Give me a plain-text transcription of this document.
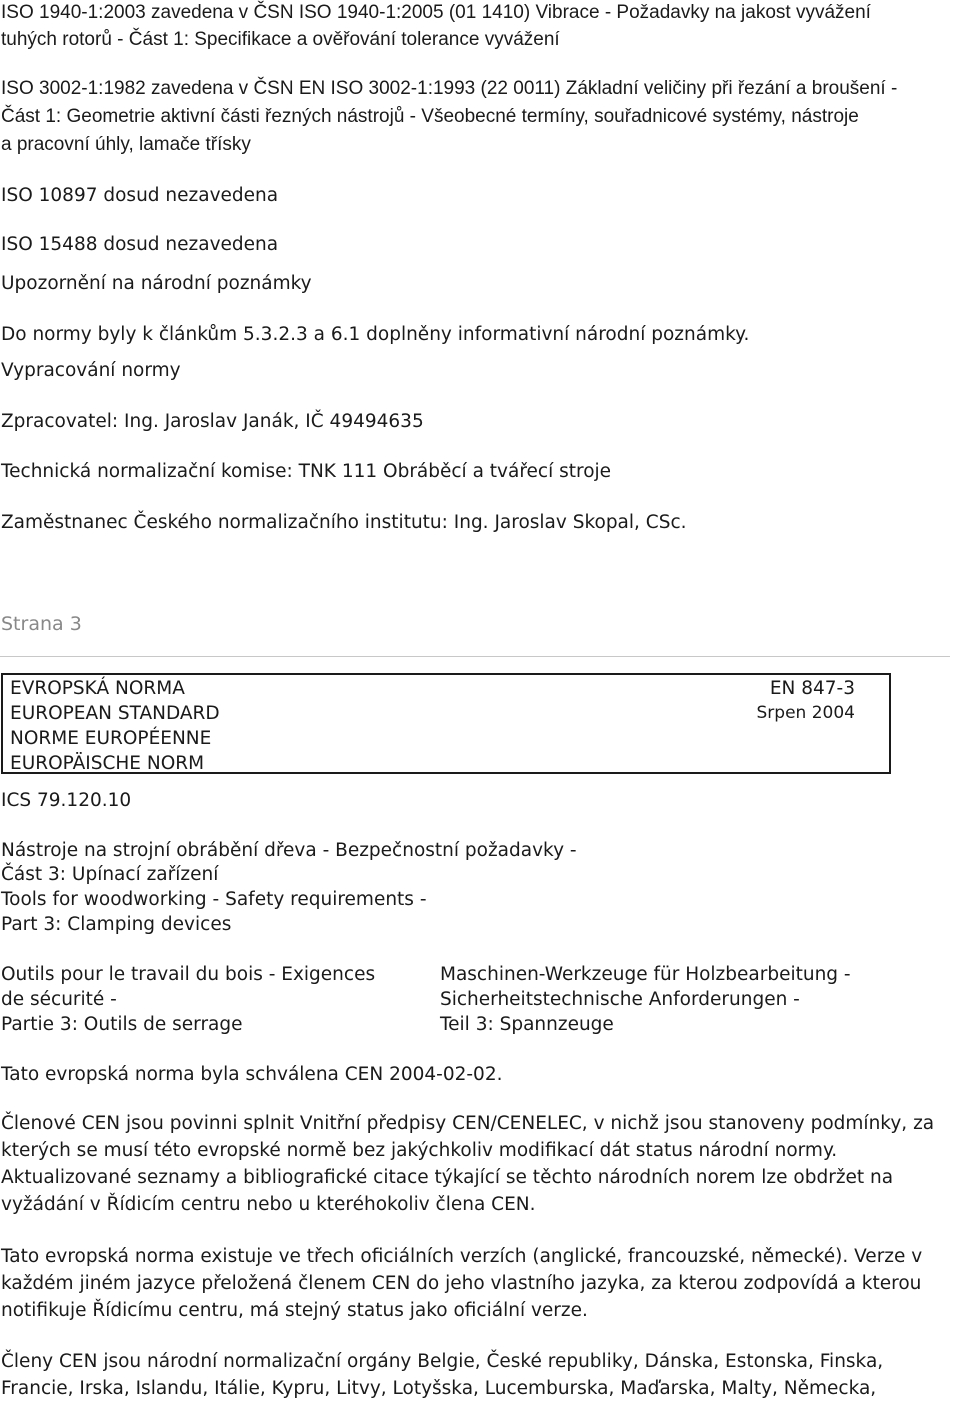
ISO 1940-1:2003 zavedena v ČSN ISO 1940-1:2005 (01 1410) Vibrace - Požadavky na jakost vyvážení
tuhých rotorů - Část 1: Specifikace a ověřování tolerance vyvážení
ISO 3002-1:1982 zavedena v ČSN EN ISO 3002-1:1993 (22 0011) Základní veličiny při řezání a broušení -
Část 1: Geometrie aktivní části řezných nástrojů - Všeobecné termíny, souřadnicové systémy, nástroje
a pracovní úhly, lamače třísky
ISO 10897 dosud nezavedena
ISO 15488 dosud nezavedena
Upozornění na národní poznámky
Do normy byly k článkům 5.3.2.3 a 6.1 doplněny informativní národní poznámky.
Vypracování normy
Zpracovatel: Ing. Jaroslav Janák, IČ 49494635
Technická normalizační komise: TNK 111 Obráběcí a tvářecí stroje
Zaměstnanec Českého normalizačního institutu: Ing. Jaroslav Skopal, CSc.
Strana 3
EVROPSKÁ NORMA
EUROPEAN STANDARD
NORME EUROPÉENNE
EUROPÄISCHE NORM
EN 847-3
Srpen 2004
ICS 79.120.10
Nástroje na strojní obrábění dřeva - Bezpečnostní požadavky -
Část 3: Upínací zařízení
Tools for woodworking - Safety requirements -
Part 3: Clamping devices
Outils pour le travail du bois - Exigences
de sécurité -
Partie 3: Outils de serrage
Maschinen-Werkzeuge für Holzbearbeitung -
Sicherheitstechnische Anforderungen -
Teil 3: Spannzeuge
Tato evropská norma byla schválena CEN 2004-02-02.
Členové CEN jsou povinni splnit Vnitřní předpisy CEN/CENELEC, v nichž jsou stanoveny podmínky, za
kterých se musí této evropské normě bez jakýchkoliv modifikací dát status národní normy.
Aktualizované seznamy a bibliografické citace týkající se těchto národních norem lze obdržet na
vyžádání v Řídicím centru nebo u kteréhokoliv člena CEN.
Tato evropská norma existuje ve třech oficiálních verzích (anglické, francouzské, německé). Verze v
každém jiném jazyce přeložená členem CEN do jeho vlastního jazyka, za kterou zodpovídá a kterou
notifikuje Řídicímu centru, má stejný status jako oficiální verze.
Členy CEN jsou národní normalizační orgány Belgie, České republiky, Dánska, Estonska, Finska,
Francie, Irska, Islandu, Itálie, Kypru, Litvy, Lotyšska, Lucemburska, Maďarska, Malty, Německa,
